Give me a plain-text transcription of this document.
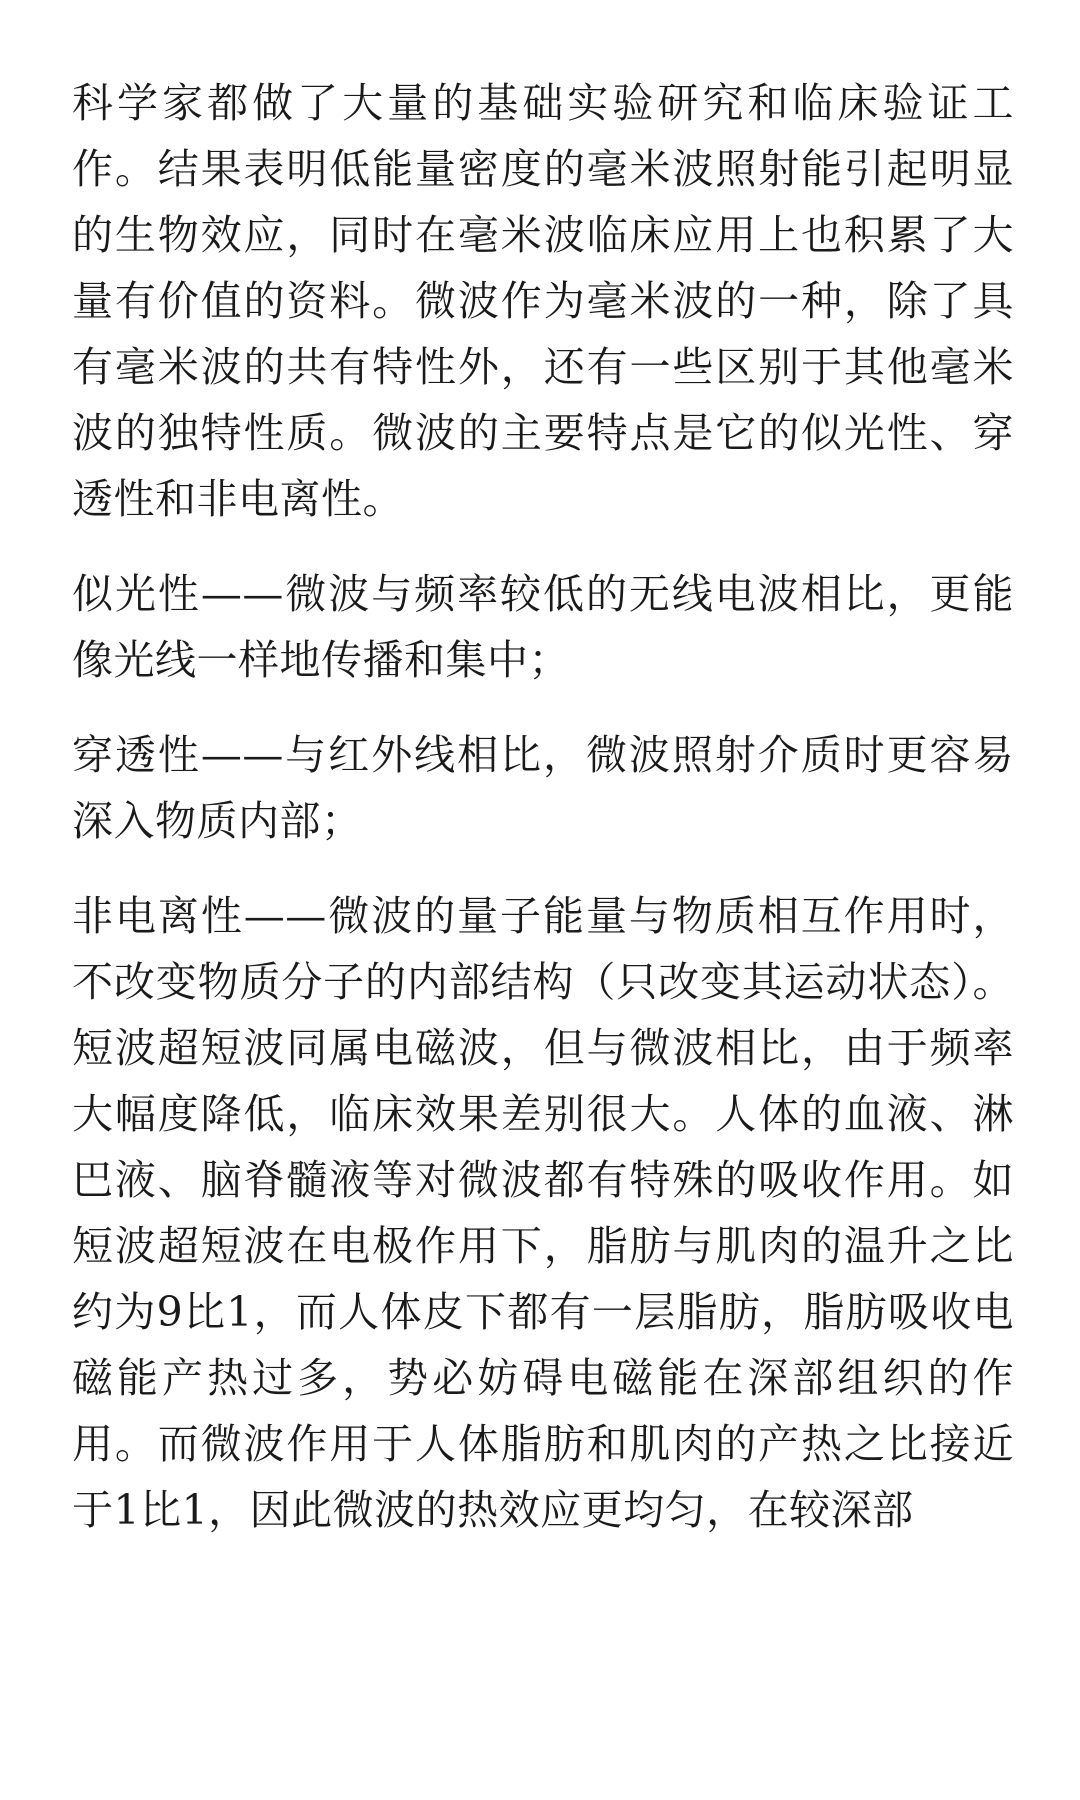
科学家都做了大量的基础实验研究和临床验证工作。结果表明低能量密度的毫米波照射能引起明显的生物效应，同时在毫米波临床应用上也积累了大量有价值的资料。微波作为毫米波的一种，除了具有毫米波的共有特性外，还有一些区别于其他毫米波的独特性质。微波的主要特点是它的似光性、穿透性和非电离性。

似光性——微波与频率较低的无线电波相比，更能像光线一样地传播和集中；

穿透性——与红外线相比，微波照射介质时更容易深入物质内部；

非电离性——微波的量子能量与物质相互作用时，不改变物质分子的内部结构（只改变其运动状态）。短波超短波同属电磁波，但与微波相比，由于频率大幅度降低，临床效果差别很大。人体的血液、淋巴液、脑脊髓液等对微波都有特殊的吸收作用。如短波超短波在电极作用下，脂肪与肌肉的温升之比约为9比1，而人体皮下都有一层脂肪，脂肪吸收电磁能产热过多，势必妨碍电磁能在深部组织的作用。而微波作用于人体脂肪和肌肉的产热之比接近于1比1，因此微波的热效应更均匀，在较深部
